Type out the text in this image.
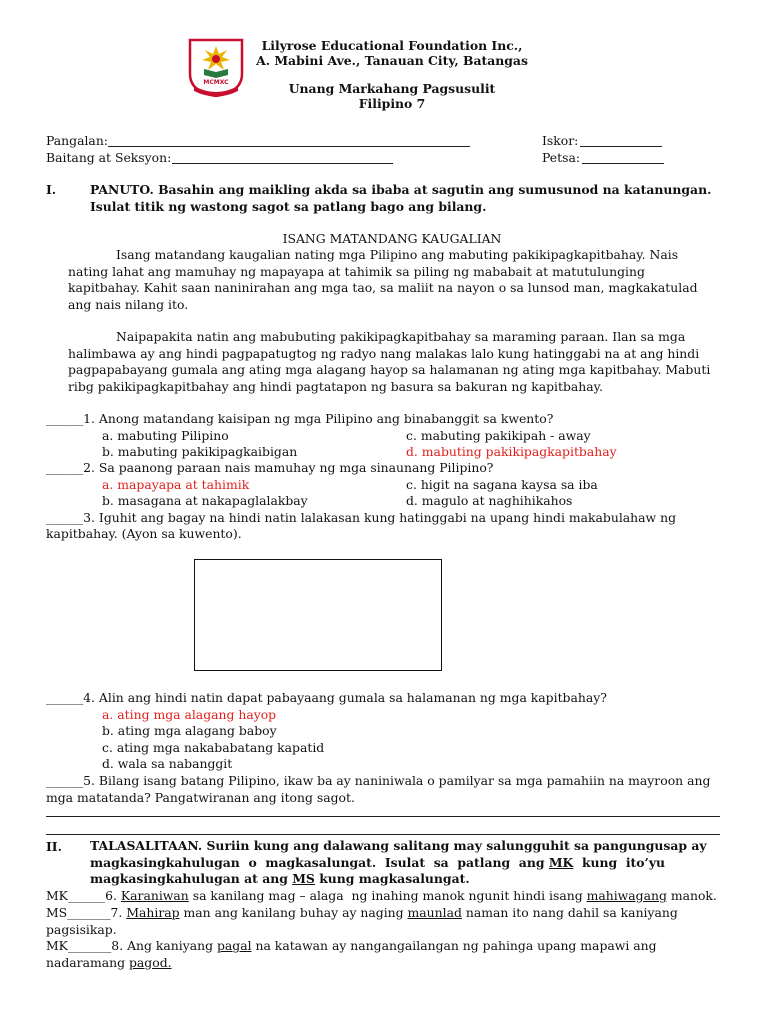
MCMXC
Lilyrose Educational Foundation Inc.,
A. Mabini Ave., Tanauan City, Batangas
Unang Markahang Pagsusulit
Filipino 7
Pangalan:
Baitang at Seksyon:
Iskor:
Petsa:
I.	PANUTO. Basahin ang maikling akda sa ibaba at sagutin ang sumusunod na katanungan.
Isulat titik ng wastong sagot sa patlang bago ang bilang.
ISANG MATANDANG KAUGALIAN
Isang matandang kaugalian nating mga Pilipino ang mabuting pakikipagkapitbahay. Nais
nating lahat ang mamuhay ng mapayapa at tahimik sa piling ng mababait at matutulunging
kapitbahay. Kahit saan naninirahan ang mga tao, sa maliit na nayon o sa lunsod man, magkakatulad
ang nais nilang ito.
Naipapakita natin ang mabubuting pakikipagkapitbahay sa maraming paraan. Ilan sa mga
halimbawa ay ang hindi pagpapatugtog ng radyo nang malakas lalo kung hatinggabi na at ang hindi
pagpapabayang gumala ang ating mga alagang hayop sa halamanan ng ating mga kapitbahay. Mabuti
ribg pakikipagkapitbahay ang hindi pagtatapon ng basura sa bakuran ng kapitbahay.
______1. Anong matandang kaisipan ng mga Pilipino ang binabanggit sa kwento?
a. mabuting Pilipino	c. mabuting pakikipah - away
b. mabuting pakikipagkaibigan	d. mabuting pakikipagkapitbahay
______2. Sa paanong paraan nais mamuhay ng mga sinaunang Pilipino?
a. mapayapa at tahimik	c. higit na sagana kaysa sa iba
b. masagana at nakapaglalakbay	d. magulo at naghihikahos
______3. Iguhit ang bagay na hindi natin lalakasan kung hatinggabi na upang hindi makabulahaw ng
kapitbahay. (Ayon sa kuwento).
______4. Alin ang hindi natin dapat pabayaang gumala sa halamanan ng mga kapitbahay?
a. ating mga alagang hayop
b. ating mga alagang baboy
c. ating mga nakababatang kapatid
d. wala sa nabanggit
______5. Bilang isang batang Pilipino, ikaw ba ay naniniwala o pamilyar sa mga pamahiin na mayroon ang
mga matatanda? Pangatwiranan ang itong sagot.
II. TALASALITAAN. Suriin kung ang dalawang salitang may salungguhit sa pangungusap ay
magkasingkahulugan  o  magkasalungat.  Isulat  sa  patlang  ang MK  kung  ito’yu
magkasingkahulugan at ang MS kung magkasalungat.
MK______6. Karaniwan sa kanilang mag – alaga  ng inahing manok ngunit hindi isang mahiwagang manok.
MS_______7. Mahirap man ang kanilang buhay ay naging maunlad naman ito nang dahil sa kaniyang
pagsisikap.
MK_______8. Ang kaniyang pagal na katawan ay nangangailangan ng pahinga upang mapawi ang
nadaramang pagod.
